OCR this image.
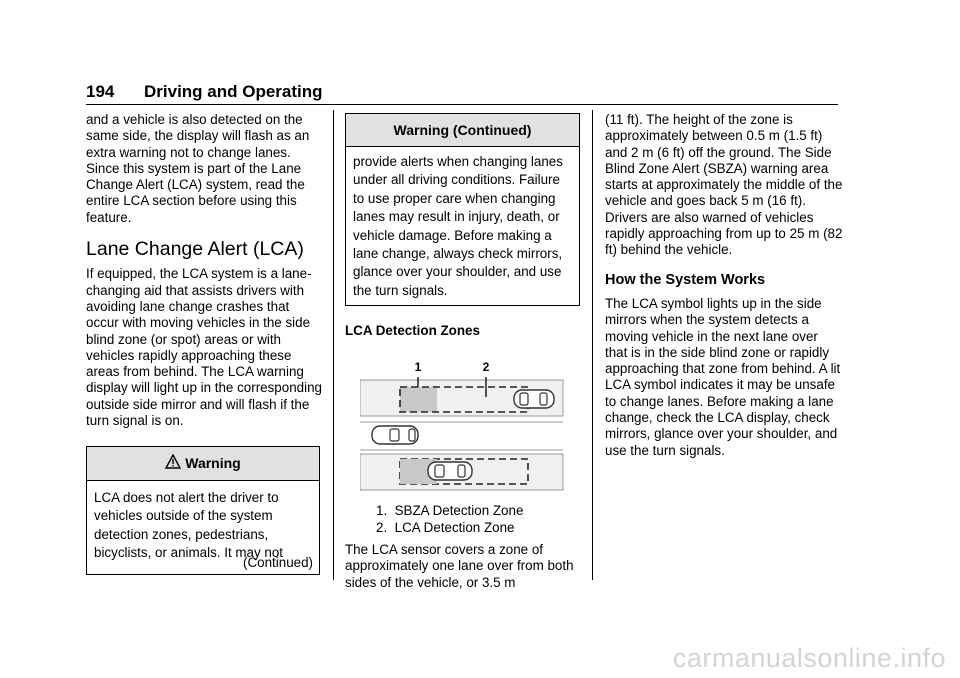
194 Driving and Operating

and a vehicle is also detected on the same side, the display will flash as an extra warning not to change lanes. Since this system is part of the Lane Change Alert (LCA) system, read the entire LCA section before using this feature.

Lane Change Alert (LCA)

If equipped, the LCA system is a lane-changing aid that assists drivers with avoiding lane change crashes that occur with moving vehicles in the side blind zone (or spot) areas or with vehicles rapidly approaching these areas from behind. The LCA warning display will light up in the corresponding outside side mirror and will flash if the turn signal is on.

Warning
LCA does not alert the driver to vehicles outside of the system detection zones, pedestrians, bicyclists, or animals. It may not
(Continued)
Warning (Continued)
provide alerts when changing lanes under all driving conditions. Failure to use proper care when changing lanes may result in injury, death, or vehicle damage. Before making a lane change, always check mirrors, glance over your shoulder, and use the turn signals.
LCA Detection Zones
1	2
1. SBZA Detection Zone
2. LCA Detection Zone

The LCA sensor covers a zone of approximately one lane over from both sides of the vehicle, or 3.5 m

(11 ft). The height of the zone is approximately between 0.5 m (1.5 ft) and 2 m (6 ft) off the ground. The Side Blind Zone Alert (SBZA) warning area starts at approximately the middle of the vehicle and goes back 5 m (16 ft). Drivers are also warned of vehicles rapidly approaching from up to 25 m (82 ft) behind the vehicle.

How the System Works

The LCA symbol lights up in the side mirrors when the system detects a moving vehicle in the next lane over that is in the side blind zone or rapidly approaching that zone from behind. A lit LCA symbol indicates it may be unsafe to change lanes. Before making a lane change, check the LCA display, check mirrors, glance over your shoulder, and use the turn signals.

carmanualsonline.info
